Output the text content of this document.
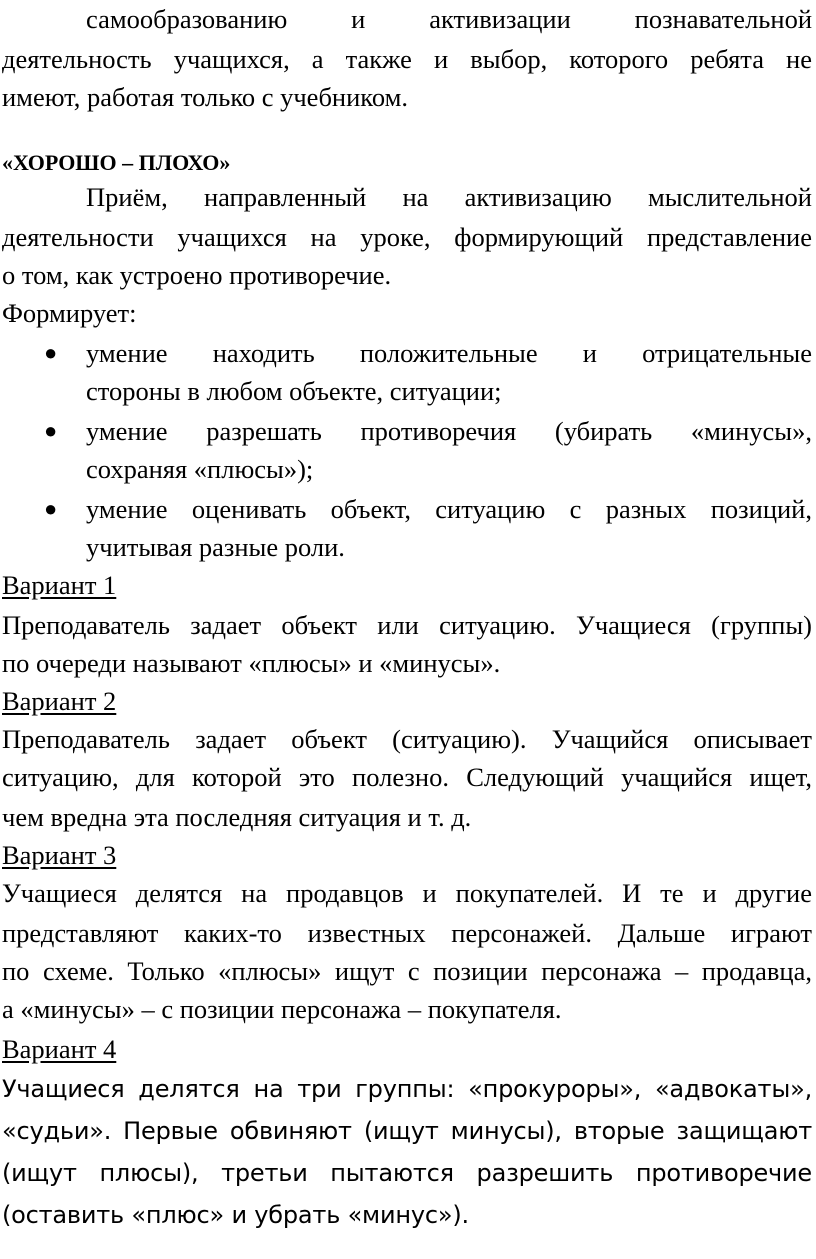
самообразованию и активизации познавательной
деятельность учащихся, а также и выбор, которого ребята не
имеют, работая только с учебником.
«ХОРОШО – ПЛОХО»
Приём, направленный на активизацию мыслительной
деятельности учащихся на уроке, формирующий представление
о том, как устроено противоречие.
Формирует:
● умение находить положительные и отрицательные
стороны в любом объекте, ситуации;
● умение разрешать противоречия (убирать «минусы»,
сохраняя «плюсы»);
● умение оценивать объект, ситуацию с разных позиций,
учитывая разные роли.
Вариант 1
Преподаватель задает объект или ситуацию. Учащиеся (группы)
по очереди называют «плюсы» и «минусы».
Вариант 2
Преподаватель задает объект (ситуацию). Учащийся описывает
ситуацию, для которой это полезно. Следующий учащийся ищет,
чем вредна эта последняя ситуация и т. д.
Вариант 3
Учащиеся делятся на продавцов и покупателей. И те и другие
представляют каких-то известных персонажей. Дальше играют
по схеме. Только «плюсы» ищут с позиции персонажа – продавца,
а «минусы» – с позиции персонажа – покупателя.
Вариант 4
Учащиеся делятся на три группы: «прокуроры», «адвокаты»,
«судьи». Первые обвиняют (ищут минусы), вторые защищают
(ищут плюсы), третьи пытаются разрешить противоречие
(оставить «плюс» и убрать «минус»).
